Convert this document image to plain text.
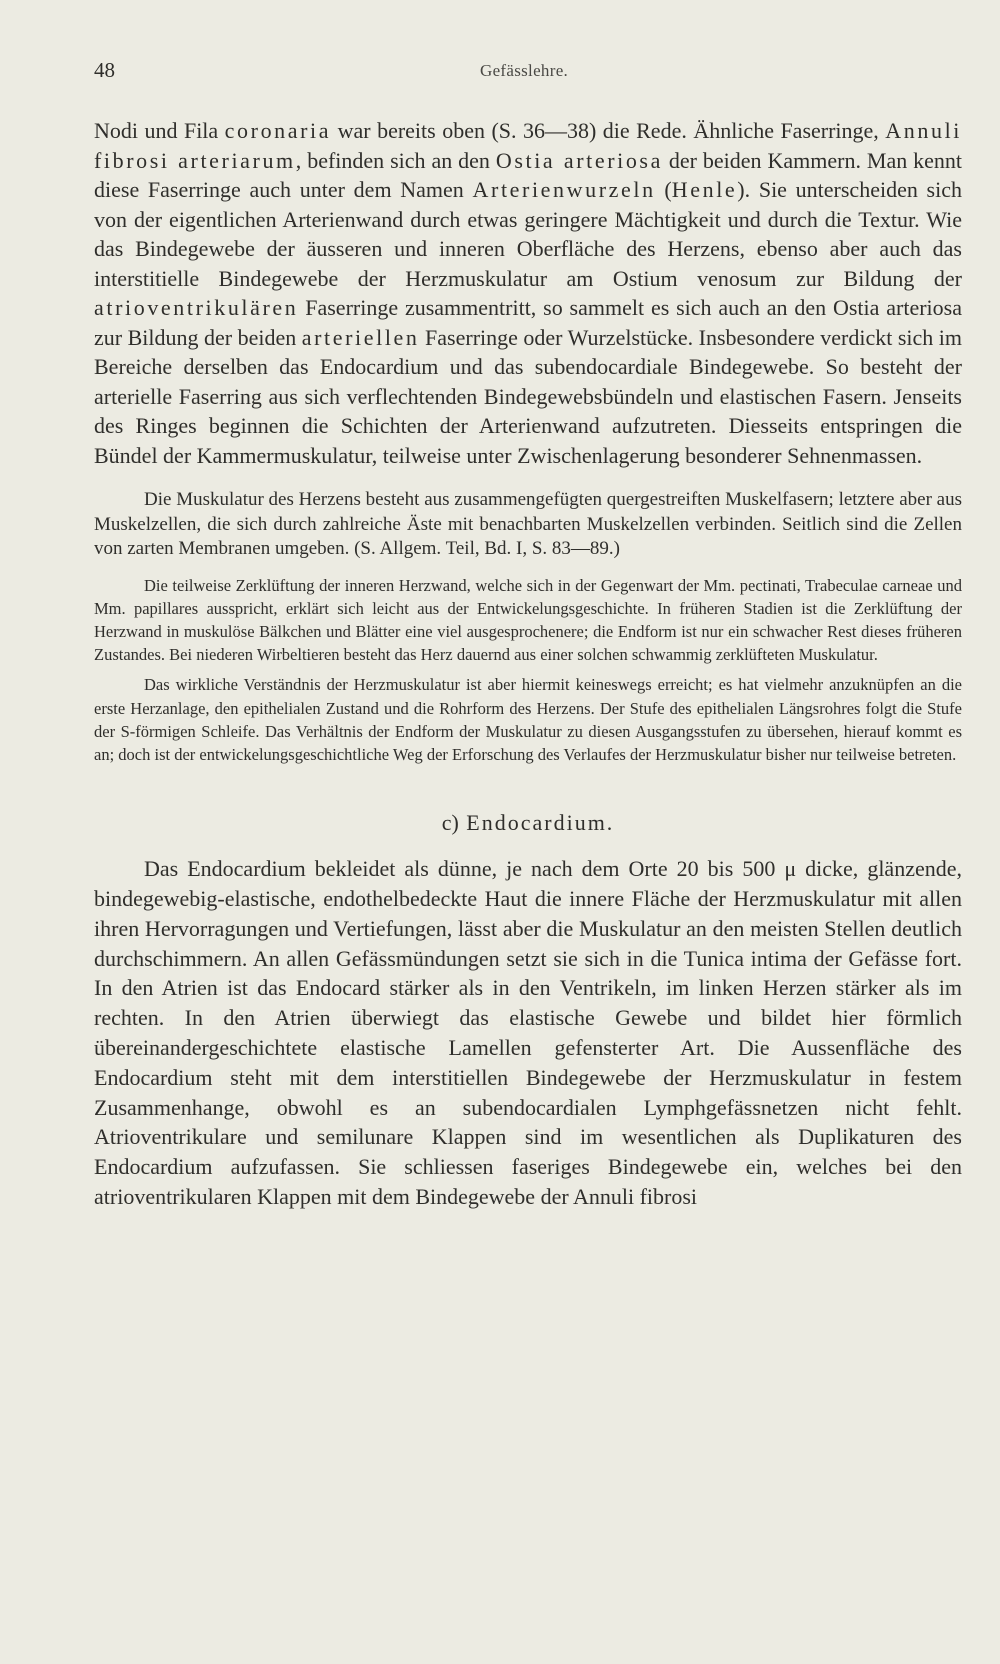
48	Gefässlehre.

Nodi und Fila coronaria war bereits oben (S. 36—38) die Rede. Ähnliche Faserringe, Annuli fibrosi arteriarum, befinden sich an den Ostia arteriosa der beiden Kammern. Man kennt diese Faserringe auch unter dem Namen Arterienwurzeln (Henle). Sie unterscheiden sich von der eigentlichen Arterienwand durch etwas geringere Mächtigkeit und durch die Textur. Wie das Bindegewebe der äusseren und inneren Oberfläche des Herzens, ebenso aber auch das interstitielle Bindegewebe der Herzmuskulatur am Ostium venosum zur Bildung der atrioventrikulären Faserringe zusammentritt, so sammelt es sich auch an den Ostia arteriosa zur Bildung der beiden arteriellen Faserringe oder Wurzelstücke. Insbesondere verdickt sich im Bereiche derselben das Endocardium und das subendocardiale Bindegewebe. So besteht der arterielle Faserring aus sich verflechtenden Bindegewebsbündeln und elastischen Fasern. Jenseits des Ringes beginnen die Schichten der Arterienwand aufzutreten. Diesseits entspringen die Bündel der Kammermuskulatur, teilweise unter Zwischenlagerung besonderer Sehnenmassen.

Die Muskulatur des Herzens besteht aus zusammengefügten quergestreiften Muskelfasern; letztere aber aus Muskelzellen, die sich durch zahlreiche Äste mit benachbarten Muskelzellen verbinden. Seitlich sind die Zellen von zarten Membranen umgeben. (S. Allgem. Teil, Bd. I, S. 83—89.)

Die teilweise Zerklüftung der inneren Herzwand, welche sich in der Gegenwart der Mm. pectinati, Trabeculae carneae und Mm. papillares ausspricht, erklärt sich leicht aus der Entwickelungsgeschichte. In früheren Stadien ist die Zerklüftung der Herzwand in muskulöse Bälkchen und Blätter eine viel ausgesprochenere; die Endform ist nur ein schwacher Rest dieses früheren Zustandes. Bei niederen Wirbeltieren besteht das Herz dauernd aus einer solchen schwammig zerklüfteten Muskulatur.

Das wirkliche Verständnis der Herzmuskulatur ist aber hiermit keineswegs erreicht; es hat vielmehr anzuknüpfen an die erste Herzanlage, den epithelialen Zustand und die Rohrform des Herzens. Der Stufe des epithelialen Längsrohres folgt die Stufe der S-förmigen Schleife. Das Verhältnis der Endform der Muskulatur zu diesen Ausgangsstufen zu übersehen, hierauf kommt es an; doch ist der entwickelungsgeschichtliche Weg der Erforschung des Verlaufes der Herzmuskulatur bisher nur teilweise betreten.

c) Endocardium.

Das Endocardium bekleidet als dünne, je nach dem Orte 20 bis 500 μ dicke, glänzende, bindegewebig-elastische, endothelbedeckte Haut die innere Fläche der Herzmuskulatur mit allen ihren Hervorragungen und Vertiefungen, lässt aber die Muskulatur an den meisten Stellen deutlich durchschimmern. An allen Gefässmündungen setzt sie sich in die Tunica intima der Gefässe fort. In den Atrien ist das Endocard stärker als in den Ventrikeln, im linken Herzen stärker als im rechten. In den Atrien überwiegt das elastische Gewebe und bildet hier förmlich übereinandergeschichtete elastische Lamellen gefensterter Art. Die Aussenfläche des Endocardium steht mit dem interstitiellen Bindegewebe der Herzmuskulatur in festem Zusammenhange, obwohl es an subendocardialen Lymphgefässnetzen nicht fehlt. Atrioventrikulare und semilunare Klappen sind im wesentlichen als Duplikaturen des Endocardium aufzufassen. Sie schliessen faseriges Bindegewebe ein, welches bei den atrioventrikularen Klappen mit dem Bindegewebe der Annuli fibrosi
